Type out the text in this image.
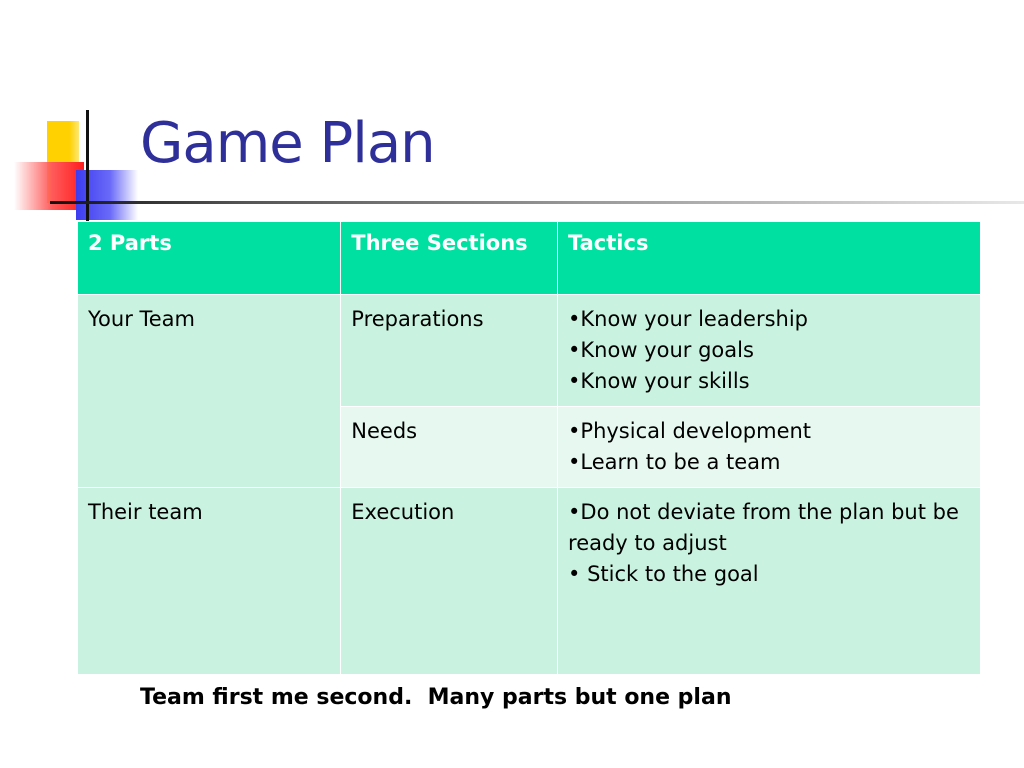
Game Plan
2 Parts	Three Sections	Tactics
Your Team	Preparations	•Know your leadership
•Know your goals
•Know your skills

	Needs	•Physical development
•Learn to be a team

Their team	Execution	•Do not deviate from the plan but be ready to adjust
• Stick to the goal
Team first me second.  Many parts but one plan
